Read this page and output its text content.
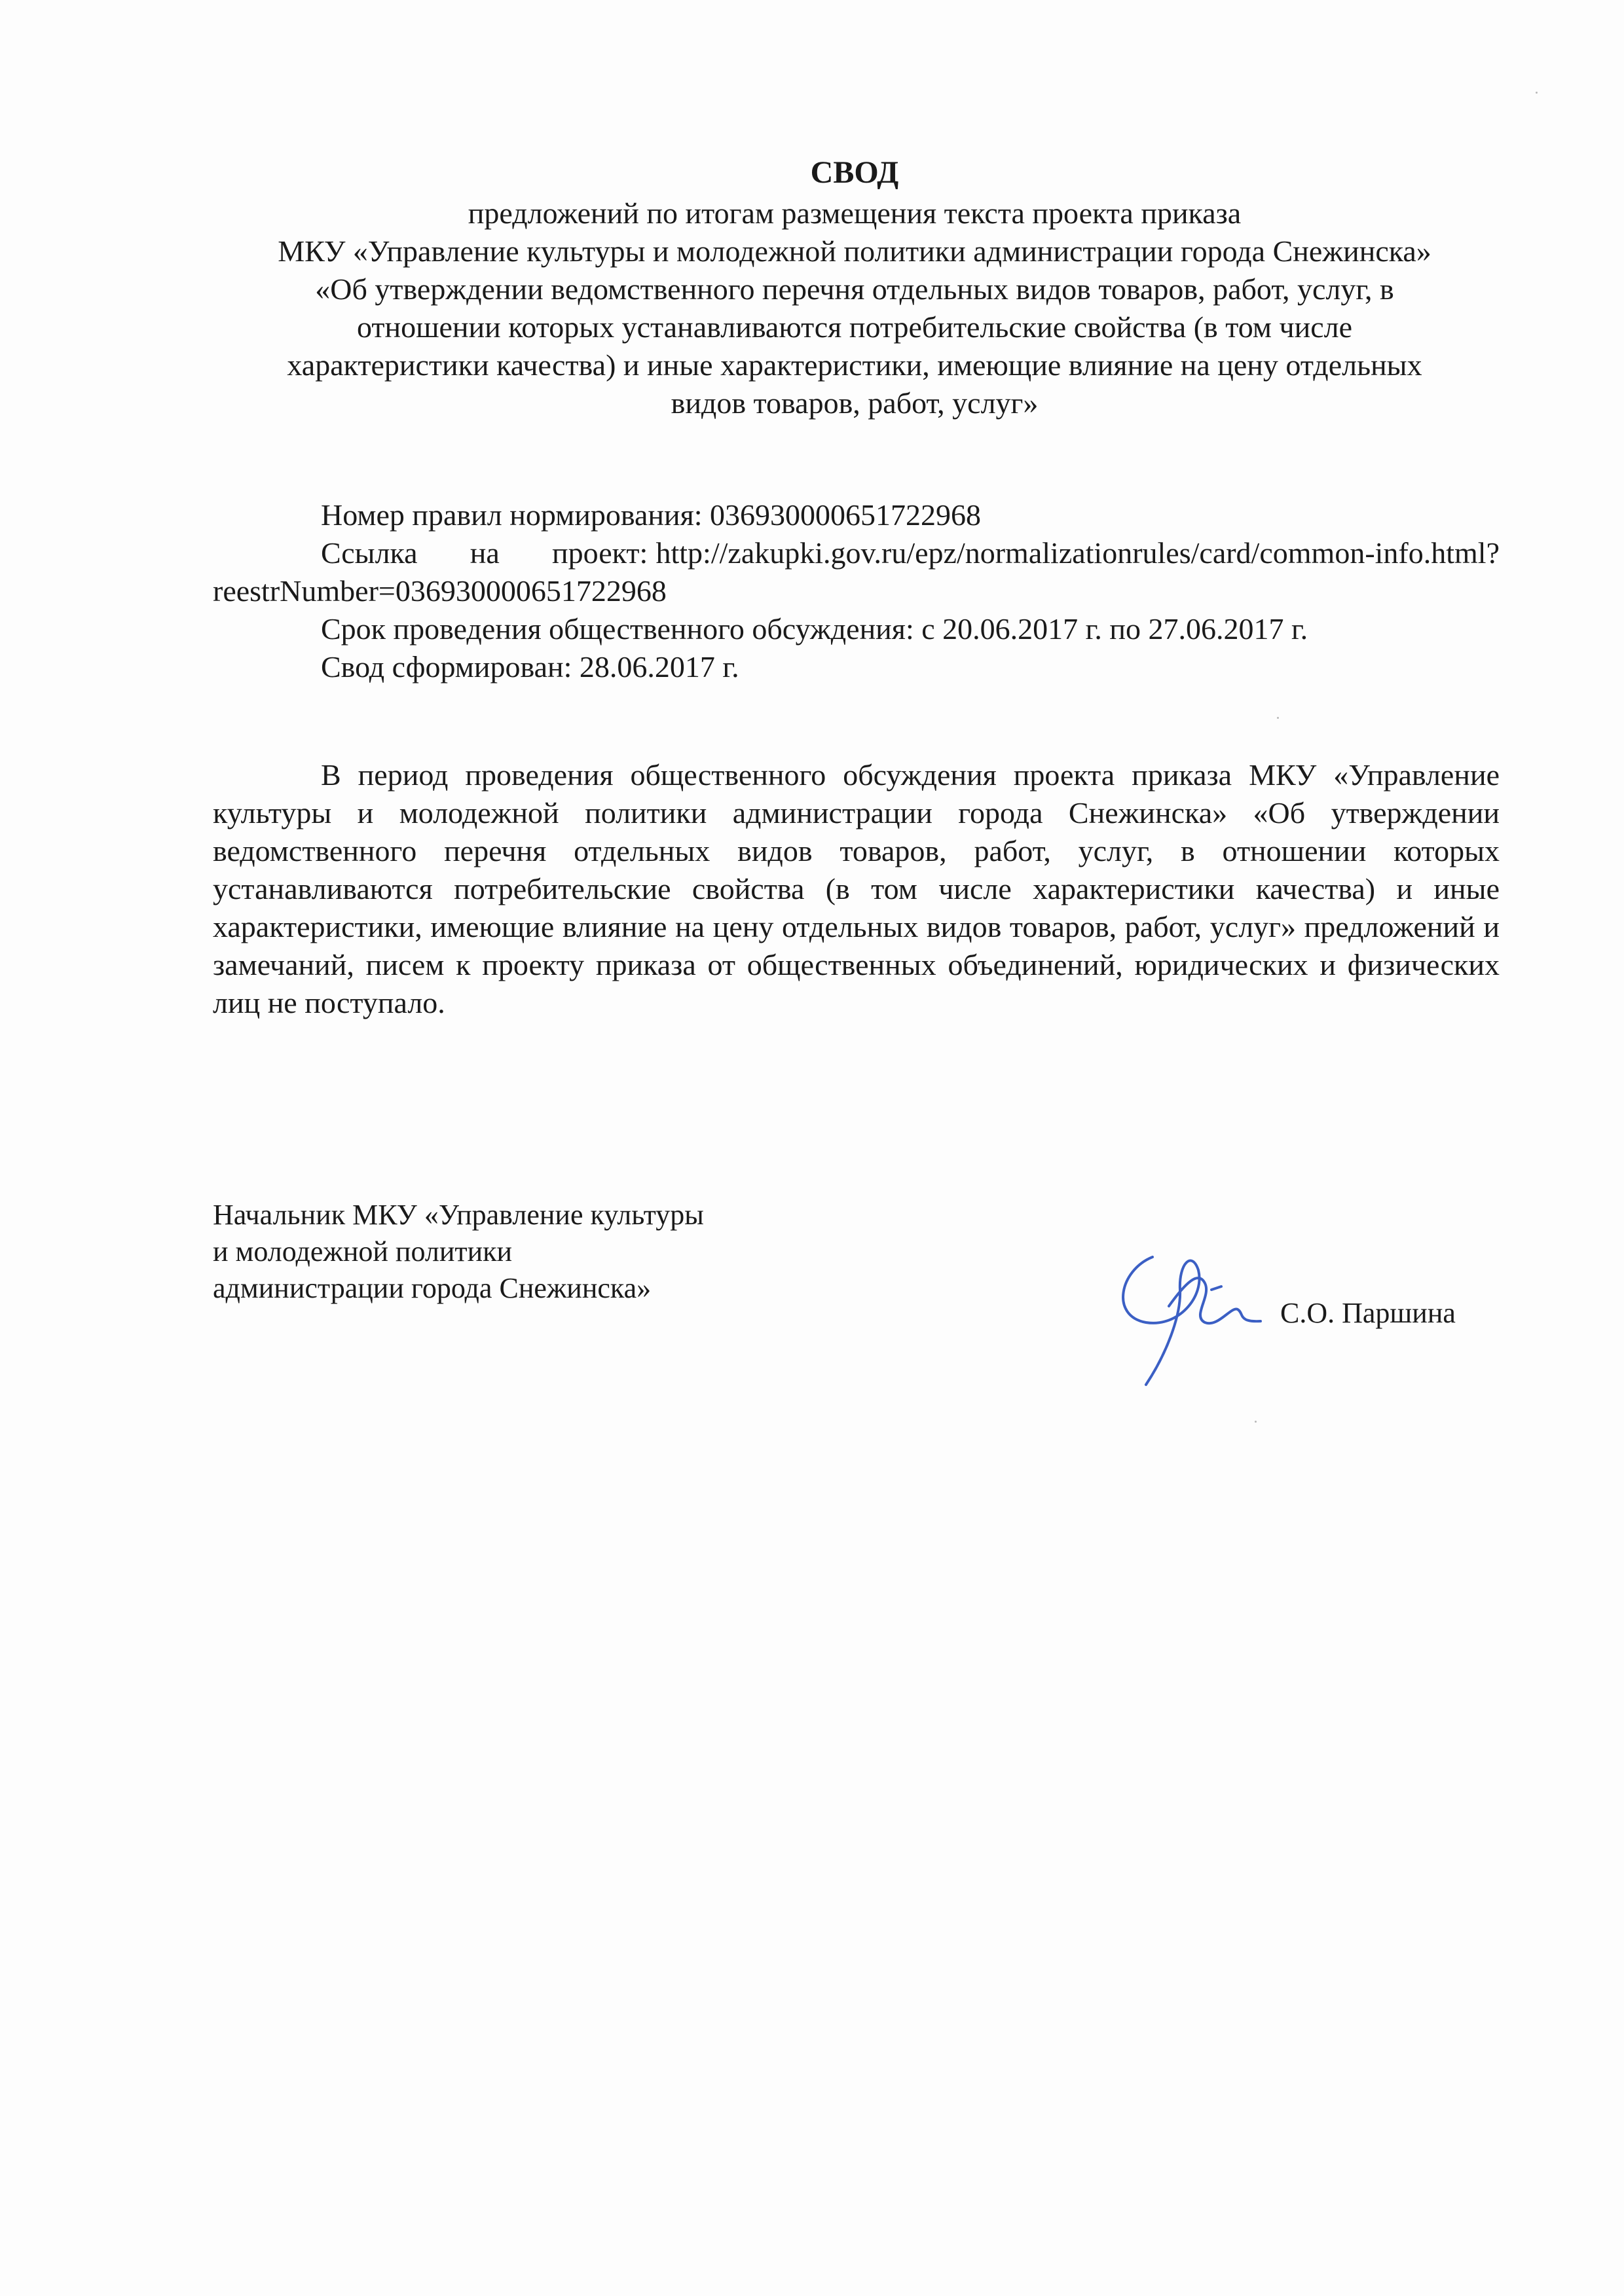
СВОД
предложений по итогам размещения текста проекта приказа
МКУ «Управление культуры и молодежной политики администрации города Снежинска»
«Об утверждении ведомственного перечня отдельных видов товаров, работ, услуг, в
отношении которых устанавливаются потребительские свойства (в том числе
характеристики качества) и иные характеристики, имеющие влияние на цену отдельных
видов товаров, работ, услуг»

Номер правил нормирования: 03693000065172296​8

Ссылка на проект: http://zakupki.gov.ru/epz/normalizationrules/card/common-info.html?reestrNumber=036930000651722968

Срок проведения общественного обсуждения: с 20.06.2017 г. по 27.06.2017 г.

Свод сформирован: 28.06.2017 г.

В период проведения общественного обсуждения проекта приказа МКУ «Управление культуры и молодежной политики администрации города Снежинска» «Об утверждении ведомственного перечня отдельных видов товаров, работ, услуг, в отношении которых устанавливаются потребительские свойства (в том числе характеристики качества) и иные характеристики, имеющие влияние на цену отдельных видов товаров, работ, услуг» предложений и замечаний, писем к проекту приказа от общественных объединений, юридических и физических лиц не поступало.

Начальник МКУ «Управление культуры
и молодежной политики
администрации города Снежинска»
С.О. Паршина
